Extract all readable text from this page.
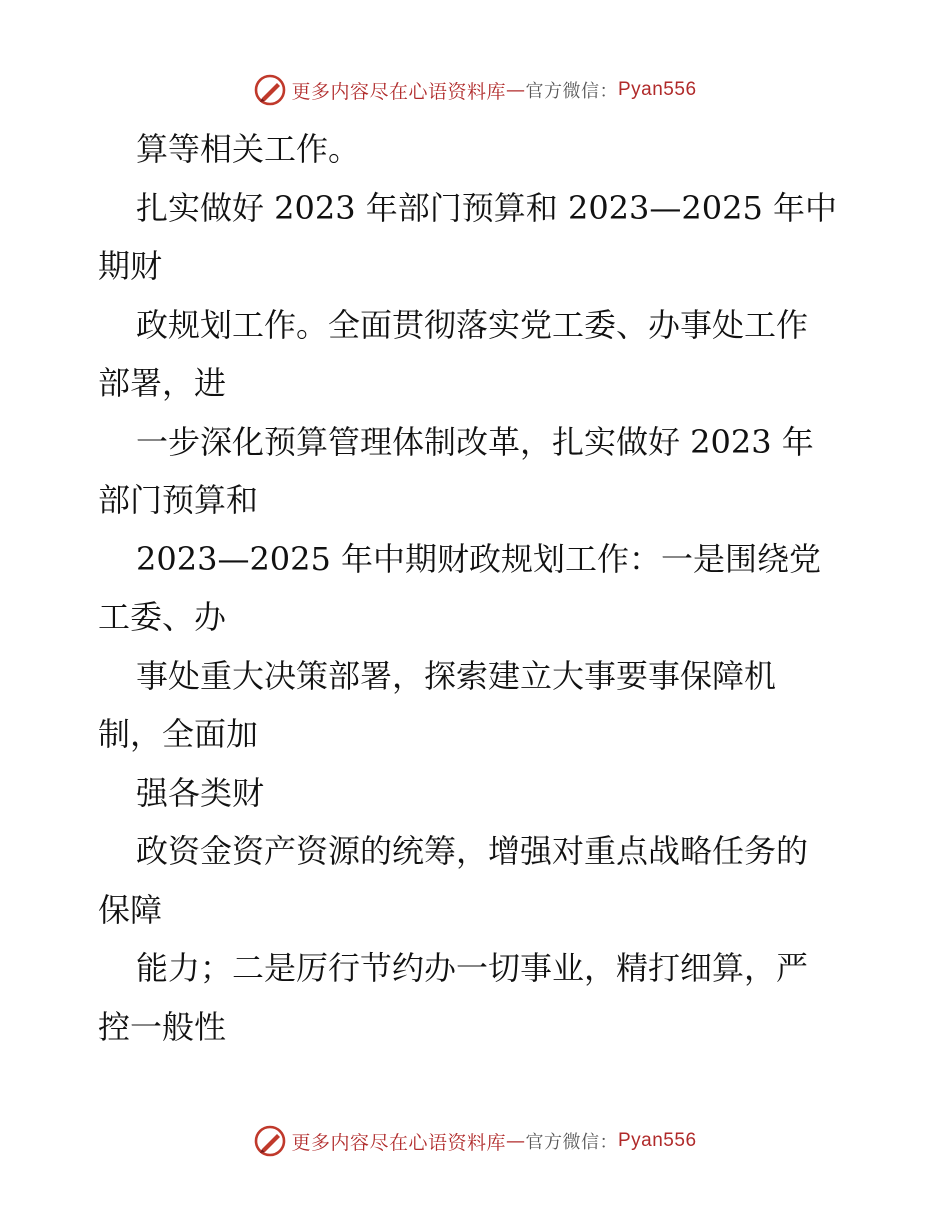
更多内容尽在心语资料库 — 官方微信： Pyan556
算等相关工作。
扎实做好 2023 年部门预算和 2023—2025 年中
期财
政规划工作。全面贯彻落实党工委、办事处工作
部署，进
一步深化预算管理体制改革，扎实做好 2023 年
部门预算和
2023—2025 年中期财政规划工作：一是围绕党
工委、办
事处重大决策部署，探索建立大事要事保障机
制，全面加
强各类财
政资金资产资源的统筹，增强对重点战略任务的
保障
能力；二是厉行节约办一切事业，精打细算，严
控一般性
更多内容尽在心语资料库 — 官方微信： Pyan556
